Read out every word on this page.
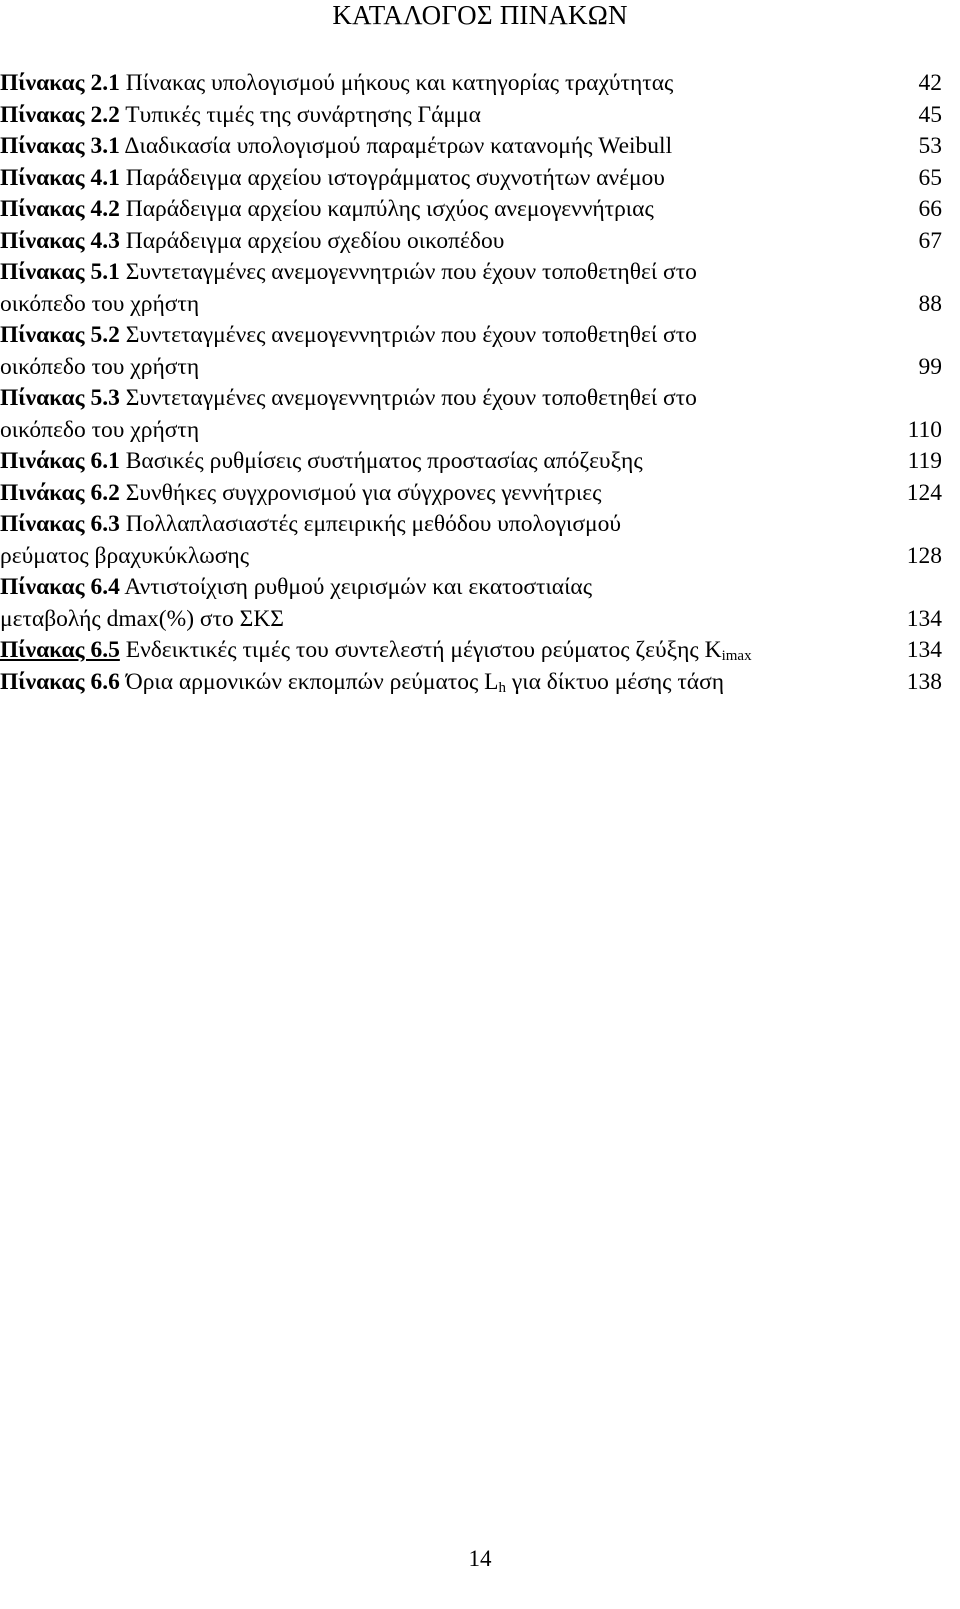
ΚΑΤΑΛΟΓΟΣ ΠΙΝΑΚΩΝ
Πίνακας 2.1 Πίνακας υπολογισμού μήκους και κατηγορίας τραχύτητας	42
Πίνακας 2.2 Τυπικές τιμές της συνάρτησης Γάμμα	45
Πίνακας 3.1 Διαδικασία υπολογισμού παραμέτρων κατανομής Weibull	53
Πίνακας 4.1 Παράδειγμα αρχείου ιστογράμματος συχνοτήτων ανέμου	65
Πίνακας 4.2 Παράδειγμα αρχείου καμπύλης ισχύος ανεμογεννήτριας	66
Πίνακας 4.3 Παράδειγμα αρχείου σχεδίου οικοπέδου	67
Πίνακας 5.1 Συντεταγμένες ανεμογεννητριών που έχουν τοποθετηθεί στο
οικόπεδο του χρήστη	88
Πίνακας 5.2 Συντεταγμένες ανεμογεννητριών που έχουν τοποθετηθεί στο
οικόπεδο του χρήστη	99
Πίνακας 5.3 Συντεταγμένες ανεμογεννητριών που έχουν τοποθετηθεί στο
οικόπεδο του χρήστη	110
Πινάκας 6.1 Βασικές ρυθμίσεις συστήματος προστασίας απόζευξης	119
Πινάκας 6.2 Συνθήκες συγχρονισμού για σύγχρονες γεννήτριες	124
Πίνακας 6.3 Πολλαπλασιαστές εμπειρικής μεθόδου υπολογισμού
ρεύματος βραχυκύκλωσης	128
Πίνακας 6.4 Αντιστοίχιση ρυθμού χειρισμών και εκατοστιαίας
μεταβολής dmax(%) στο ΣΚΣ	134
Πίνακας 6.5 Ενδεικτικές τιμές του συντελεστή μέγιστου ρεύματος ζεύξης $K_{imax}$	134
Πίνακας 6.6 Όρια αρμονικών εκπομπών ρεύματος $L_h$ για δίκτυο μέσης τάση	138
14
